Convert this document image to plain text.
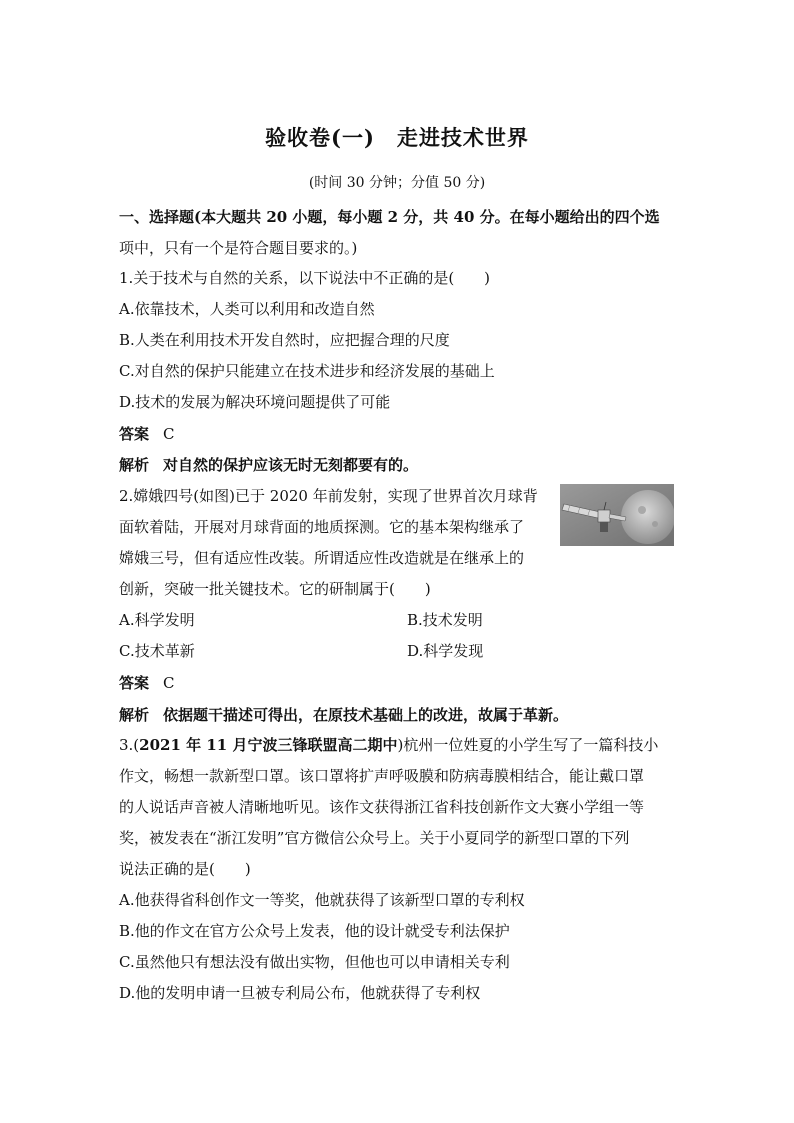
验收卷(一)　走进技术世界
(时间 30 分钟；分值 50 分)
一、选择题(本大题共 20 小题，每小题 2 分，共 40 分。在每小题给出的四个选
项中，只有一个是符合题目要求的。)
1.关于技术与自然的关系，以下说法中不正确的是(　　)
A.依靠技术，人类可以利用和改造自然
B.人类在利用技术开发自然时，应把握合理的尺度
C.对自然的保护只能建立在技术进步和经济发展的基础上
D.技术的发展为解决环境问题提供了可能
答案 C
解析 对自然的保护应该无时无刻都要有的。
2.嫦娥四号(如图)已于 2020 年前发射，实现了世界首次月球背
面软着陆，开展对月球背面的地质探测。它的基本架构继承了
嫦娥三号，但有适应性改装。所谓适应性改造就是在继承上的
创新，突破一批关键技术。它的研制属于(　　)
A.科学发明	B.技术发明
C.技术革新	D.科学发现
答案 C
解析 依据题干描述可得出，在原技术基础上的改进，故属于革新。
3.(2021 年 11 月宁波三锋联盟高二期中)杭州一位姓夏的小学生写了一篇科技小
作文，畅想一款新型口罩。该口罩将扩声呼吸膜和防病毒膜相结合，能让戴口罩
的人说话声音被人清晰地听见。该作文获得浙江省科技创新作文大赛小学组一等
奖，被发表在“浙江发明”官方微信公众号上。关于小夏同学的新型口罩的下列
说法正确的是(　　)
A.他获得省科创作文一等奖，他就获得了该新型口罩的专利权
B.他的作文在官方公众号上发表，他的设计就受专利法保护
C.虽然他只有想法没有做出实物，但他也可以申请相关专利
D.他的发明申请一旦被专利局公布，他就获得了专利权
